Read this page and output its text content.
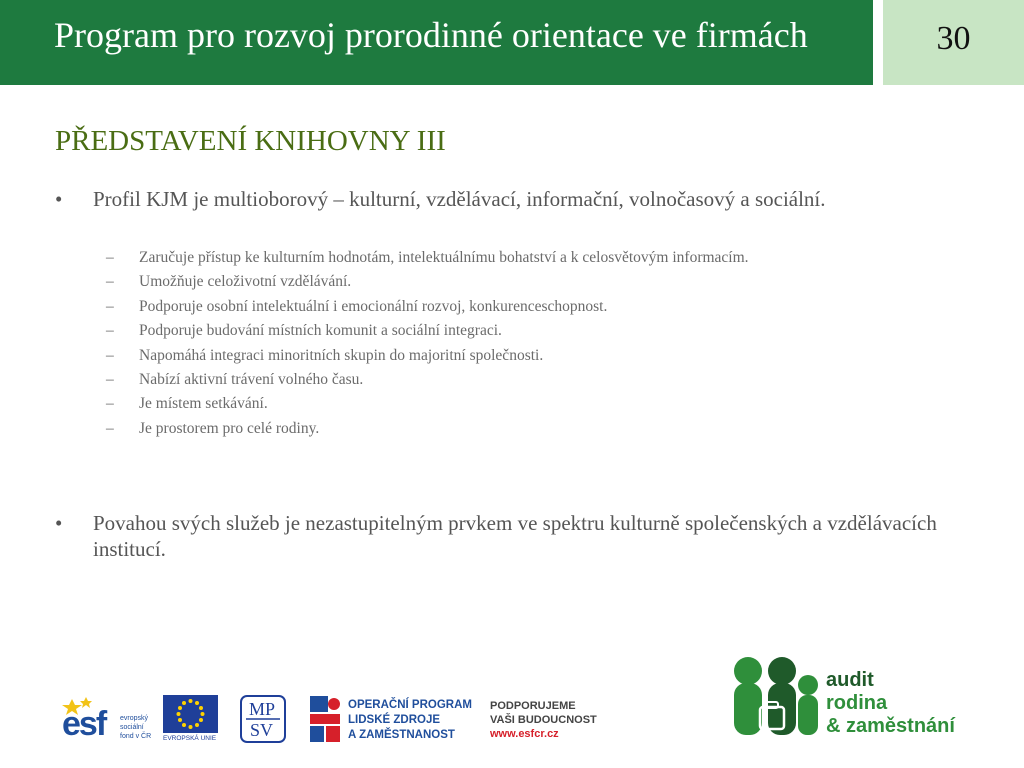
Program pro rozvoj prorodinné orientace ve firmách	30
PŘEDSTAVENÍ KNIHOVNY III
• Profil KJM je multioborový – kulturní, vzdělávací, informační, volnočasový a sociální.
– Zaručuje přístup ke kulturním hodnotám, intelektuálnímu bohatství a k celosvětovým informacím.
– Umožňuje celoživotní vzdělávání.
– Podporuje osobní intelektuální i emocionální rozvoj, konkurenceschopnost.
– Podporuje budování místních komunit a sociální integraci.
– Napomáhá integraci minoritních skupin do majoritní společnosti.
– Nabízí aktivní trávení volného času.
– Je místem setkávání.
– Je prostorem pro celé rodiny.
• Povahou svých služeb je nezastupitelným prvkem ve spektru kulturně společenských a vzdělávacích institucí.
esf evropský
sociální
fond v ČR EVROPSKÁ UNIE
MP
SV
OPERAČNÍ PROGRAM
LIDSKÉ ZDROJE
A ZAMĚSTNANOST
PODPORUJEME
VAŠI BUDOUCNOST
www.esfcr.cz
audit
rodina
& zaměstnání
